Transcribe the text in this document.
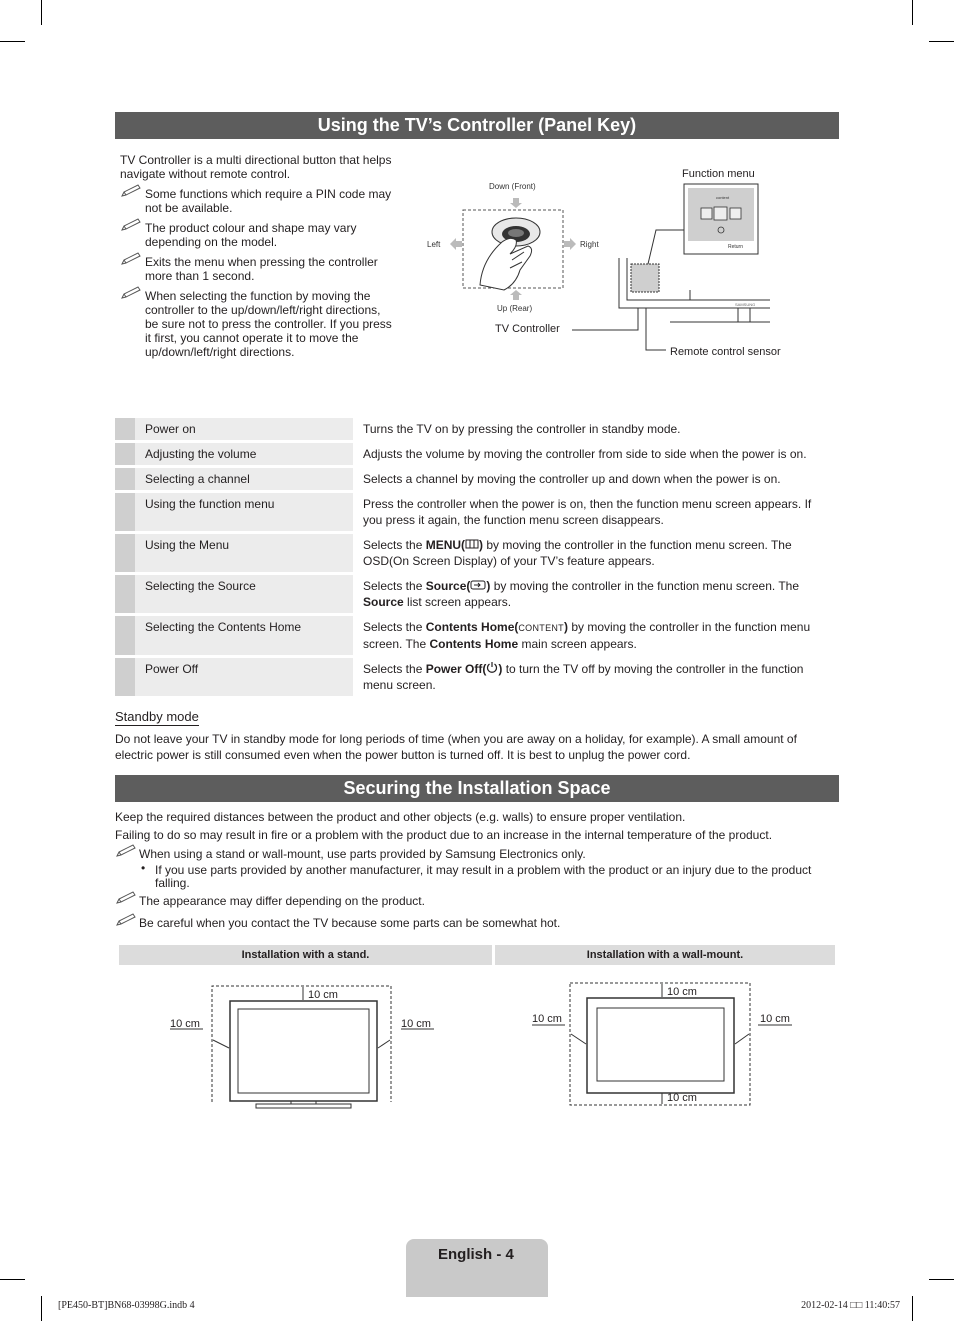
Using the TV’s Controller (Panel Key)

TV Controller is a multi directional button that helps navigate without remote control.

Some functions which require a PIN code may not be available.
The product colour and shape may vary depending on the model.
Exits the menu when pressing the controller more than 1 second.
When selecting the function by moving the controller to the up/down/left/right directions, be sure not to press the controller. If you press it first, you cannot operate it to move the up/down/left/right directions.
Down (Front)
Up (Rear)
Left	Right
TV Controller
Function menu
Remote control sensor
content
Return
SAMSUNG
	Power on		Turns the TV on by pressing the controller in standby mode.
	Adjusting the volume		Adjusts the volume by moving the controller from side to side when the power is on.
	Selecting a channel		Selects a channel by moving the controller up and down when the power is on.
	Using the function menu		Press the controller when the power is on, then the function menu screen appears. If you press it again, the function menu screen disappears.
	Using the Menu		Selects the MENU( ) by moving the controller in the function menu screen. The OSD(On Screen Display) of your TV’s feature appears.
	Selecting the Source		Selects the Source( ) by moving the controller in the function menu screen. The Source list screen appears.
	Selecting the Contents Home		Selects the Contents Home(CONTENT) by moving the controller in the function menu screen. The Contents Home main screen appears.
	Power Off		Selects the Power Off( ) to turn the TV off by moving the controller in the function menu screen.
Standby mode
Do not leave your TV in standby mode for long periods of time (when you are away on a holiday, for example). A small amount of electric power is still consumed even when the power button is turned off. It is best to unplug the power cord.
Securing the Installation Space

Keep the required distances between the product and other objects (e.g. walls) to ensure proper ventilation.

Failing to do so may result in fire or a problem with the product due to an increase in the internal temperature of the product.

When using a stand or wall-mount, use parts provided by Samsung Electronics only.
• If you use parts provided by another manufacturer, it may result in a problem with the product or an injury due to the product falling.
The appearance may differ depending on the product.
Be careful when you contact the TV because some parts can be somewhat hot.
Installation with a stand.	Installation with a wall-mount.
10 cm
10 cm	10 cm
10 cm
10 cm
10 cm	10 cm
English - 4
[PE450-BT]BN68-03998G.indb 4	2012-02-14 □□ 11:40:57
